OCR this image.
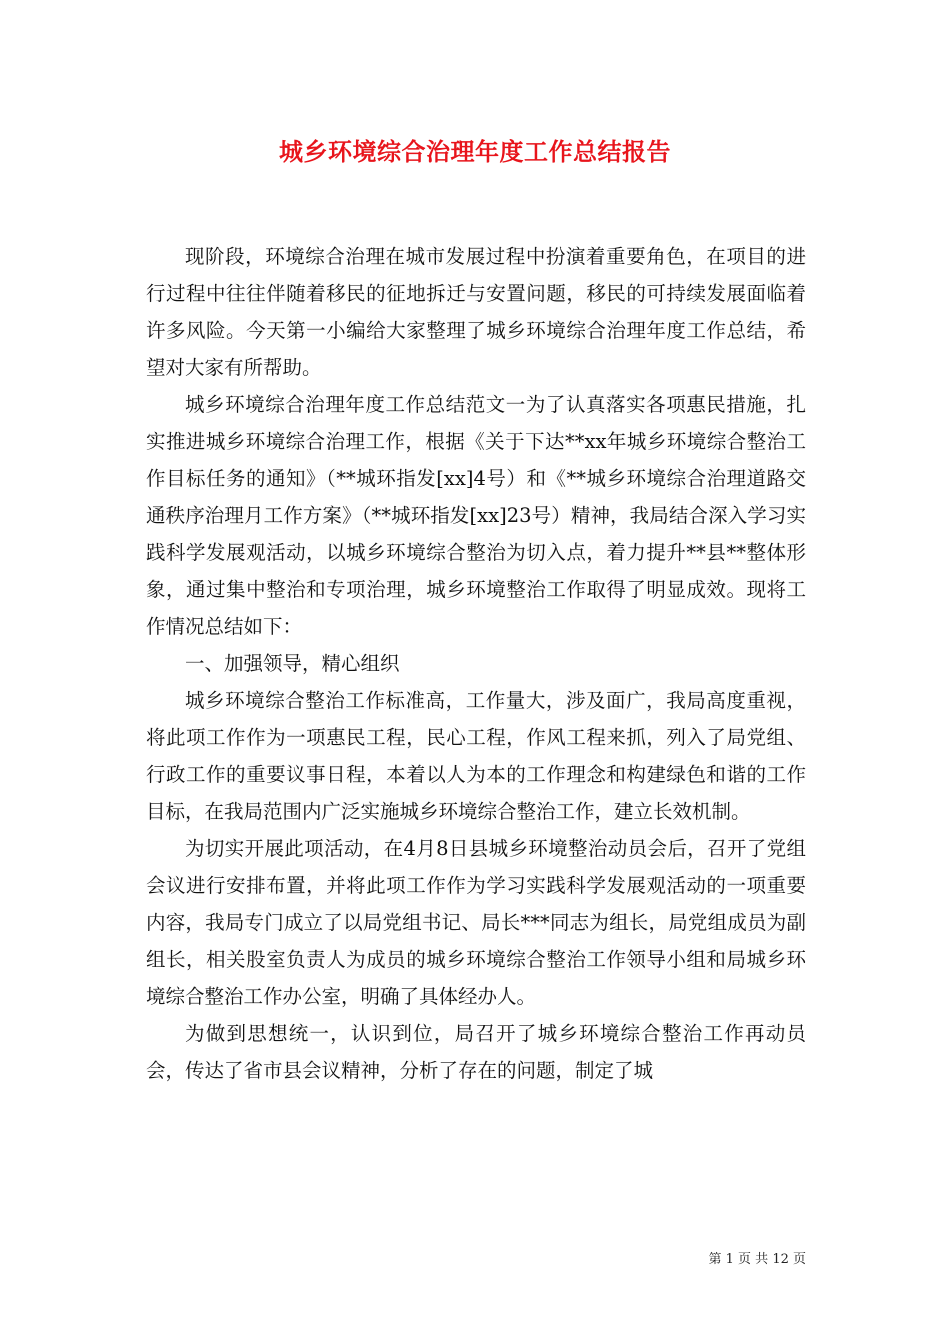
城乡环境综合治理年度工作总结报告

现阶段，环境综合治理在城市发展过程中扮演着重要角色，在项目的进行过程中往往伴随着移民的征地拆迁与安置问题，移民的可持续发展面临着许多风险。今天第一小编给大家整理了城乡环境综合治理年度工作总结，希望对大家有所帮助。

城乡环境综合治理年度工作总结范文一为了认真落实各项惠民措施，扎实推进城乡环境综合治理工作，根据《关于下达**xx年城乡环境综合整治工作目标任务的通知》（**城环指发[xx]4号）和《**城乡环境综合治理道路交通秩序治理月工作方案》（**城环指发[xx]23号）精神，我局结合深入学习实践科学发展观活动，以城乡环境综合整治为切入点，着力提升**县**整体形象，通过集中整治和专项治理，城乡环境整治工作取得了明显成效。现将工作情况总结如下：

一、加强领导，精心组织

城乡环境综合整治工作标准高，工作量大，涉及面广，我局高度重视，将此项工作作为一项惠民工程，民心工程，作风工程来抓，列入了局党组、行政工作的重要议事日程，本着以人为本的工作理念和构建绿色和谐的工作目标，在我局范围内广泛实施城乡环境综合整治工作，建立长效机制。

为切实开展此项活动，在4月8日县城乡环境整治动员会后，召开了党组会议进行安排布置，并将此项工作作为学习实践科学发展观活动的一项重要内容，我局专门成立了以局党组书记、局长***同志为组长，局党组成员为副组长，相关股室负责人为成员的城乡环境综合整治工作领导小组和局城乡环境综合整治工作办公室，明确了具体经办人。

为做到思想统一，认识到位，局召开了城乡环境综合整治工作再动员会，传达了省市县会议精神，分析了存在的问题，制定了城

第 1 页 共 12 页
